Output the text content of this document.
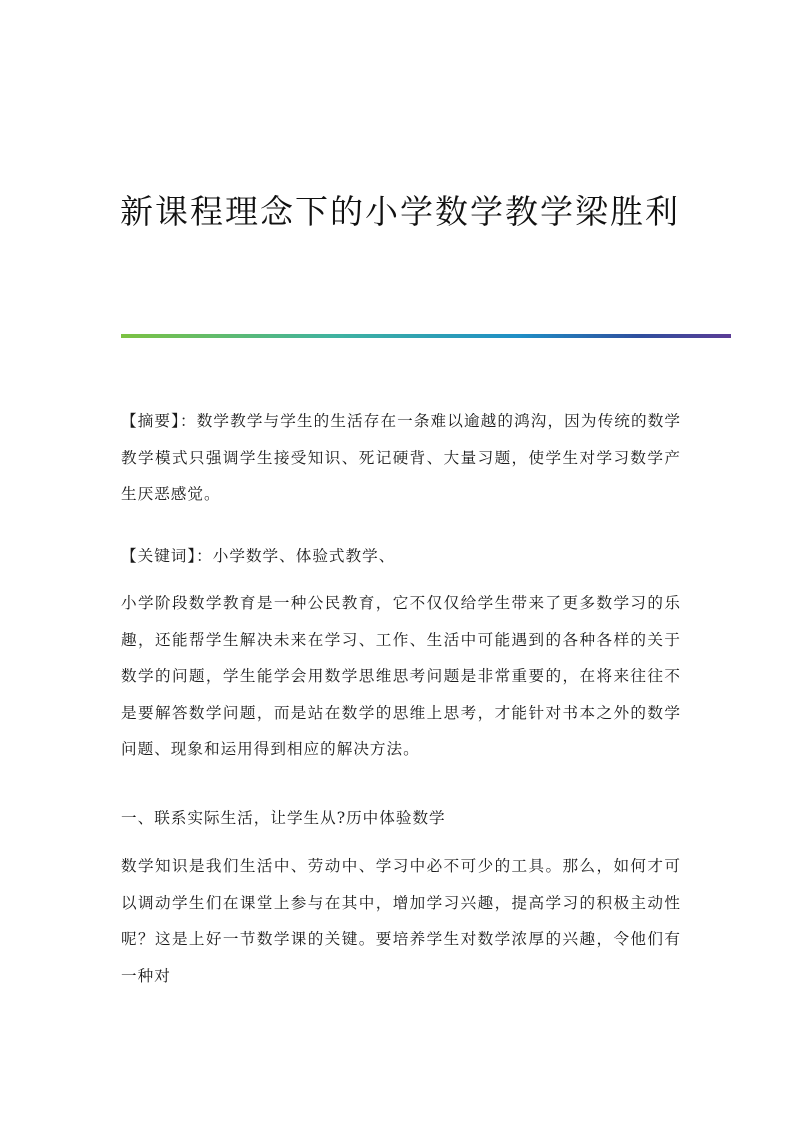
新课程理念下的小学数学教学梁胜利

【摘要】：数学教学与学生的生活存在一条难以逾越的鸿沟，因为传统的数学教学模式只强调学生接受知识、死记硬背、大量习题，使学生对学习数学产生厌恶感觉。

【关键词】：小学数学、体验式教学、

小学阶段数学教育是一种公民教育，它不仅仅给学生带来了更多数学习的乐趣，还能帮学生解决未来在学习、工作、生活中可能遇到的各种各样的关于数学的问题，学生能学会用数学思维思考问题是非常重要的，在将来往往不是要解答数学问题，而是站在数学的思维上思考，才能针对书本之外的数学问题、现象和运用得到相应的解决方法。

一、联系实际生活，让学生从?历中体验数学

数学知识是我们生活中、劳动中、学习中必不可少的工具。那么，如何才可以调动学生们在课堂上参与在其中，增加学习兴趣，提高学习的积极主动性呢？这是上好一节数学课的关键。要培养学生对数学浓厚的兴趣，令他们有一种对
